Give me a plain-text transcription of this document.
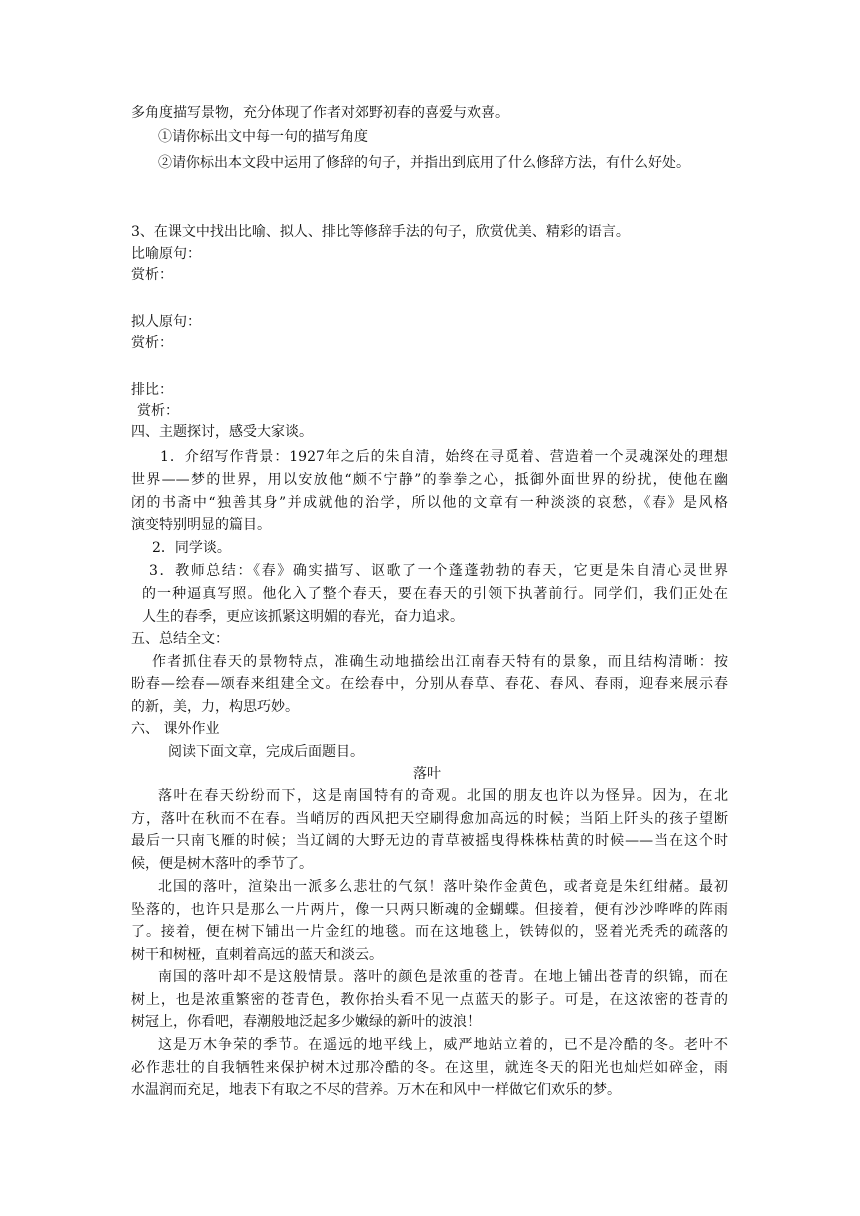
多角度描写景物，充分体现了作者对郊野初春的喜爱与欢喜。
①请你标出文中每一句的描写角度
②请你标出本文段中运用了修辞的句子，并指出到底用了什么修辞方法，有什么好处。
3、在课文中找出比喻、拟人、排比等修辞手法的句子，欣赏优美、精彩的语言。
比喻原句：
赏析：
拟人原句：
赏析：
排比：
赏析：
四、主题探讨，感受大家谈。
1．介绍写作背景：1927年之后的朱自清，始终在寻觅着、营造着一个灵魂深处的理想
世界——梦的世界，用以安放他“颇不宁静”的拳拳之心，抵御外面世界的纷扰，使他在幽
闭的书斋中“独善其身”并成就他的治学，所以他的文章有一种淡淡的哀愁，《春》是风格
演变特别明显的篇目。
2．同学谈。
3．教师总结：《春》确实描写、讴歌了一个蓬蓬勃勃的春天，它更是朱自清心灵世界
的一种逼真写照。他化入了整个春天，要在春天的引领下执著前行。同学们，我们正处在
人生的春季，更应该抓紧这明媚的春光，奋力追求。
五、总结全文：
作者抓住春天的景物特点，准确生动地描绘出江南春天特有的景象，而且结构清晰：按
盼春—绘春—颂春来组建全文。在绘春中，分别从春草、春花、春风、春雨，迎春来展示春
的新，美，力，构思巧妙。
六、 课外作业
阅读下面文章，完成后面题目。
落叶
落叶在春天纷纷而下，这是南国特有的奇观。北国的朋友也许以为怪异。因为，在北
方，落叶在秋而不在春。当峭厉的西风把天空刷得愈加高远的时候；当陌上阡头的孩子望断
最后一只南飞雁的时候；当辽阔的大野无边的青草被摇曳得株株枯黄的时候——当在这个时
候，便是树木落叶的季节了。
北国的落叶，渲染出一派多么悲壮的气氛！落叶染作金黄色，或者竟是朱红绀赭。最初
坠落的，也许只是那么一片两片，像一只两只断魂的金蝴蝶。但接着，便有沙沙哗哗的阵雨
了。接着，便在树下铺出一片金红的地毯。而在这地毯上，铁铸似的，竖着光秃秃的疏落的
树干和树桠，直刺着高远的蓝天和淡云。
南国的落叶却不是这般情景。落叶的颜色是浓重的苍青。在地上铺出苍青的织锦，而在
树上，也是浓重繁密的苍青色，教你抬头看不见一点蓝天的影子。可是，在这浓密的苍青的
树冠上，你看吧，春潮般地泛起多少嫩绿的新叶的波浪！
这是万木争荣的季节。在遥远的地平线上，威严地站立着的，已不是冷酷的冬。老叶不
必作悲壮的自我牺牲来保护树木过那冷酷的冬。在这里，就连冬天的阳光也灿烂如碎金，雨
水温润而充足，地表下有取之不尽的营养。万木在和风中一样做它们欢乐的梦。
